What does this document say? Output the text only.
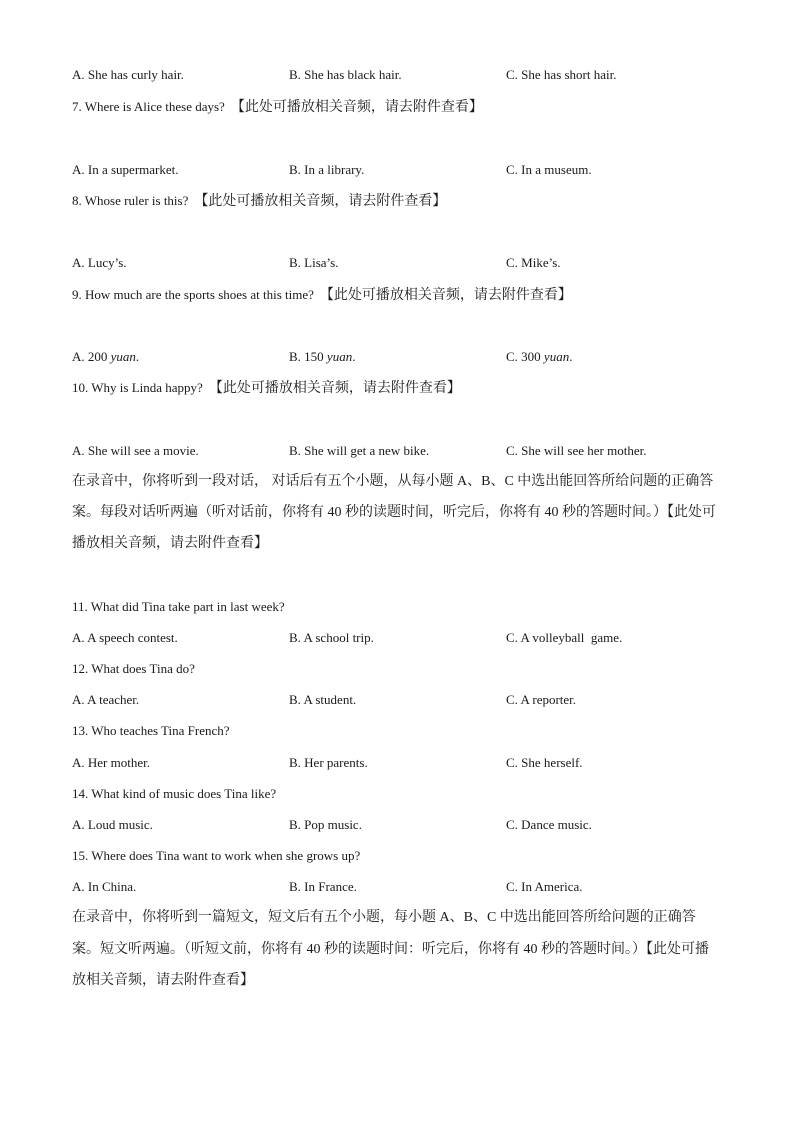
A. She has curly hair.	B. She has black hair.	C. She has short hair.
7. Where is Alice these days? 【此处可播放相关音频，请去附件查看】
A. In a supermarket.	B. In a library.	C. In a museum.
8. Whose ruler is this? 【此处可播放相关音频，请去附件查看】
A. Lucy’s.	B. Lisa’s.	C. Mike’s.
9. How much are the sports shoes at this time? 【此处可播放相关音频，请去附件查看】
A. 200 yuan.	B. 150 yuan.	C. 300 yuan.
10. Why is Linda happy? 【此处可播放相关音频，请去附件查看】
A. She will see a movie.	B. She will get a new bike.	C. She will see her mother.
在录音中，你将听到一段对话， 对话后有五个小题，从每小题 A、B、C 中选出能回答所给问题的正确答
案。每段对话听两遍（听对话前，你将有 40 秒的读题时间，听完后，你将有 40 秒的答题时间。）【此处可
播放相关音频，请去附件查看】
11. What did Tina take part in last week?
A. A speech contest.	B. A school trip.	C. A volleyball  game.
12. What does Tina do?
A. A teacher.	B. A student.	C. A reporter.
13. Who teaches Tina French?
A. Her mother.	B. Her parents.	C. She herself.
14. What kind of music does Tina like?
A. Loud music.	B. Pop music.	C. Dance music.
15. Where does Tina want to work when she grows up?
A. In China.	B. In France.	C. In America.
在录音中，你将听到一篇短文，短文后有五个小题，每小题 A、B、C 中选出能回答所给问题的正确答
案。短文听两遍。（听短文前，你将有 40 秒的读题时间：听完后，你将有 40 秒的答题时间。）【此处可播
放相关音频，请去附件查看】
